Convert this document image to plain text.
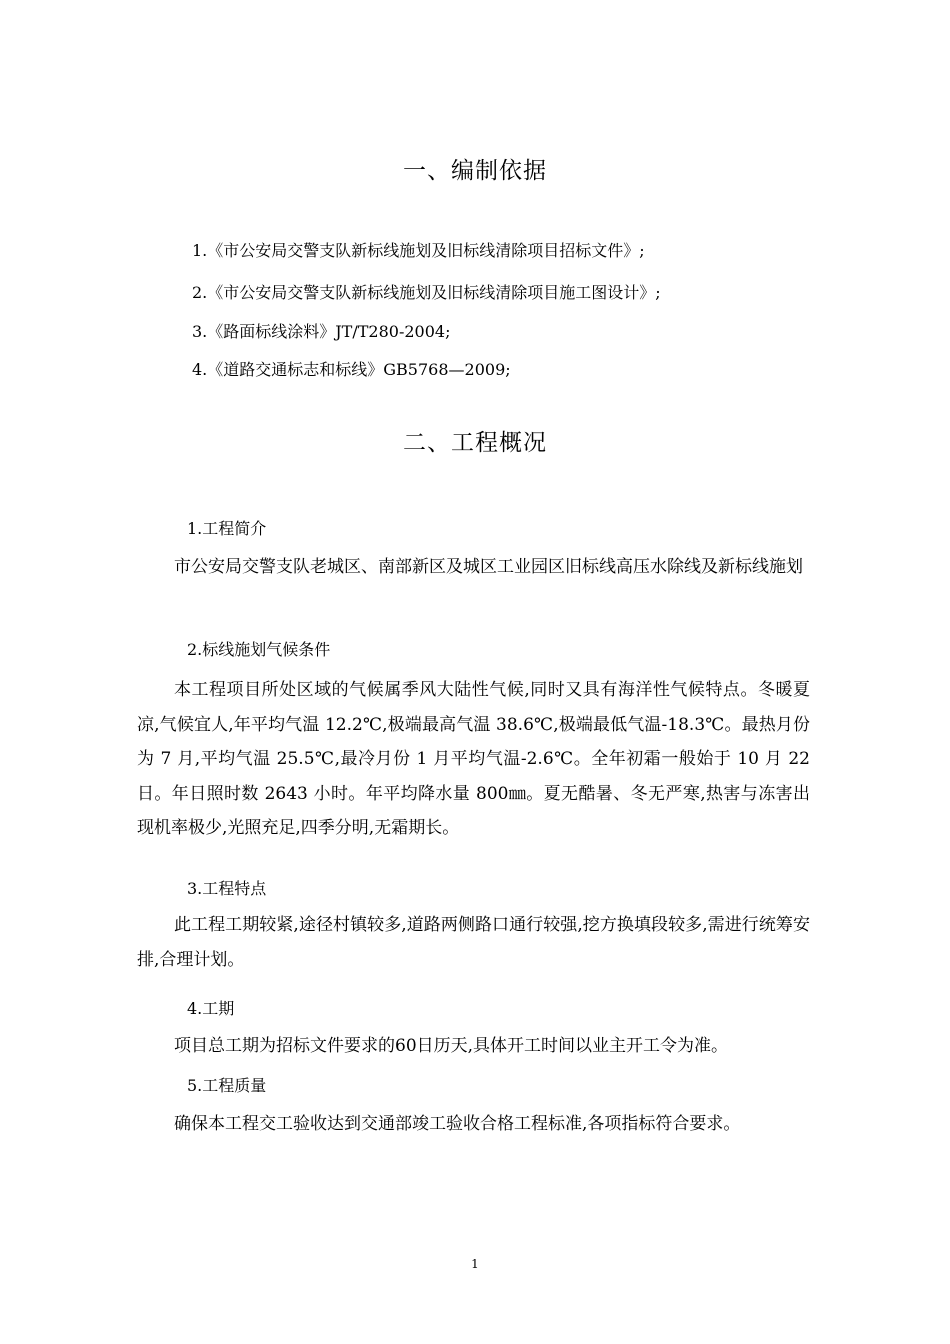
一、编制依据
1.《市公安局交警支队新标线施划及旧标线清除项目招标文件》;
2.《市公安局交警支队新标线施划及旧标线清除项目施工图设计》;
3.《路面标线涂料》JT/T280-2004;
4.《道路交通标志和标线》GB5768—2009;
二、工程概况
1.工程简介
市公安局交警支队老城区、南部新区及城区工业园区旧标线高压水除线及新标线施划
2.标线施划气候条件
本工程项目所处区域的气候属季风大陆性气候,同时又具有海洋性气候特点。冬暖夏凉,气候宜人,年平均气温 12.2℃,极端最高气温 38.6℃,极端最低气温-18.3℃。最热月份为 7 月,平均气温 25.5℃,最冷月份 1 月平均气温-2.6℃。全年初霜一般始于 10 月 22 日。年日照时数 2643 小时。年平均降水量 800㎜。夏无酷暑、冬无严寒,热害与冻害出现机率极少,光照充足,四季分明,无霜期长。
3.工程特点
此工程工期较紧,途径村镇较多,道路两侧路口通行较强,挖方换填段较多,需进行统筹安排,合理计划。
4.工期
项目总工期为招标文件要求的60日历天,具体开工时间以业主开工令为准。
5.工程质量
确保本工程交工验收达到交通部竣工验收合格工程标准,各项指标符合要求。
1
